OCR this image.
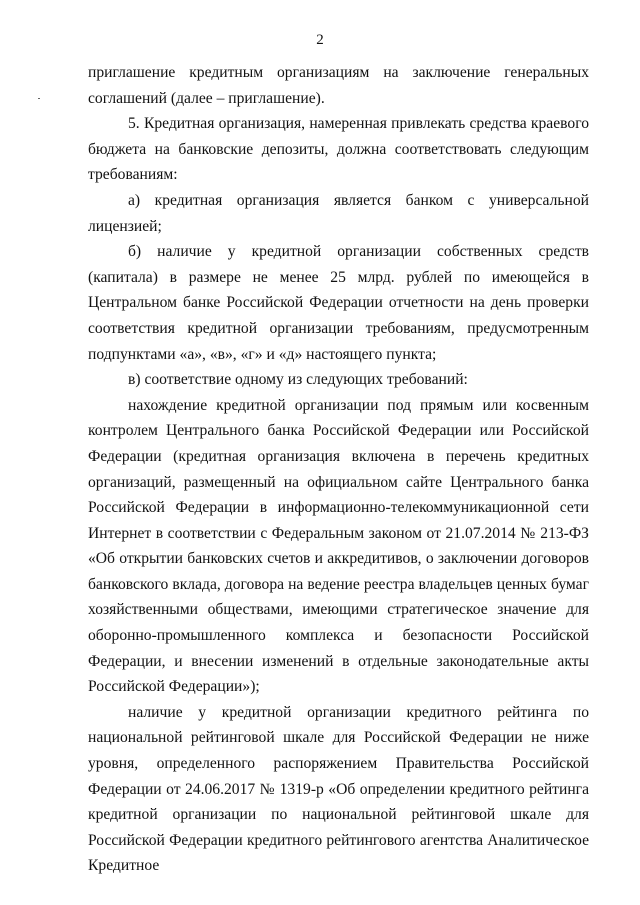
2

приглашение кредитным организациям на заключение генеральных соглашений (далее – приглашение).

5. Кредитная организация, намеренная привлекать средства краевого бюджета на банковские депозиты, должна соответствовать следующим требованиям:

а) кредитная организация является банком с универсальной лицензией;

б) наличие у кредитной организации собственных средств (капитала) в размере не менее 25 млрд. рублей по имеющейся в Центральном банке Российской Федерации отчетности на день проверки соответствия кредитной организации требованиям, предусмотренным подпунктами «а», «в», «г» и «д» настоящего пункта;

в) соответствие одному из следующих требований:

нахождение кредитной организации под прямым или косвенным контролем Центрального банка Российской Федерации или Российской Федерации (кредитная организация включена в перечень кредитных организаций, размещенный на официальном сайте Центрального банка Российской Федерации в информационно-телекоммуникационной сети Интернет в соответствии с Федеральным законом от 21.07.2014 № 213-ФЗ «Об открытии банковских счетов и аккредитивов, о заключении договоров банковского вклада, договора на ведение реестра владельцев ценных бумаг хозяйственными обществами, имеющими стратегическое значение для оборонно-промышленного комплекса и безопасности Российской Федерации, и внесении изменений в отдельные законодательные акты Российской Федерации»);

наличие у кредитной организации кредитного рейтинга по национальной рейтинговой шкале для Российской Федерации не ниже уровня, определенного распоряжением Правительства Российской Федерации от 24.06.2017 № 1319-р «Об определении кредитного рейтинга кредитной организации по национальной рейтинговой шкале для Российской Федерации кредитного рейтингового агентства Аналитическое Кредитное
